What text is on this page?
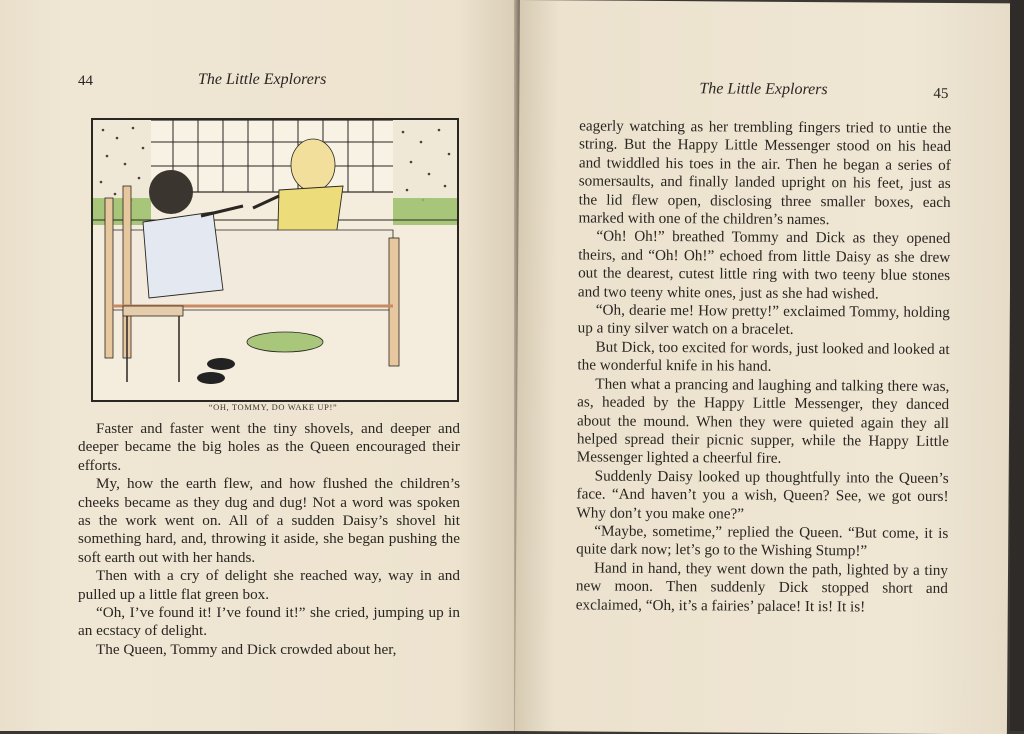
44	The Little Explorers
“OH, TOMMY, DO WAKE UP!”

Faster and faster went the tiny shovels, and deeper and deeper became the big holes as the Queen encouraged their efforts.

My, how the earth flew, and how flushed the children’s cheeks became as they dug and dug! Not a word was spoken as the work went on. All of a sudden Daisy’s shovel hit something hard, and, throwing it aside, she began pushing the soft earth out with her hands.

Then with a cry of delight she reached way, way in and pulled up a little flat green box.

“Oh, I’ve found it! I’ve found it!” she cried, jumping up in an ecstacy of delight.

The Queen, Tommy and Dick crowded about her,

The Little Explorers	45

eagerly watching as her trembling fingers tried to untie the string. But the Happy Little Messenger stood on his head and twiddled his toes in the air. Then he began a series of somersaults, and finally landed upright on his feet, just as the lid flew open, disclosing three smaller boxes, each marked with one of the children’s names.

“Oh! Oh!” breathed Tommy and Dick as they opened theirs, and “Oh! Oh!” echoed from little Daisy as she drew out the dearest, cutest little ring with two teeny blue stones and two teeny white ones, just as she had wished.

“Oh, dearie me! How pretty!” exclaimed Tommy, holding up a tiny silver watch on a bracelet.

But Dick, too excited for words, just looked and looked at the wonderful knife in his hand.

Then what a prancing and laughing and talking there was, as, headed by the Happy Little Messenger, they danced about the mound. When they were quieted again they all helped spread their picnic supper, while the Happy Little Messenger lighted a cheerful fire.

Suddenly Daisy looked up thoughtfully into the Queen’s face. “And haven’t you a wish, Queen? See, we got ours! Why don’t you make one?”

“Maybe, sometime,” replied the Queen. “But come, it is quite dark now; let’s go to the Wishing Stump!”

Hand in hand, they went down the path, lighted by a tiny new moon. Then suddenly Dick stopped short and exclaimed, “Oh, it’s a fairies’ palace! It is! It is!
